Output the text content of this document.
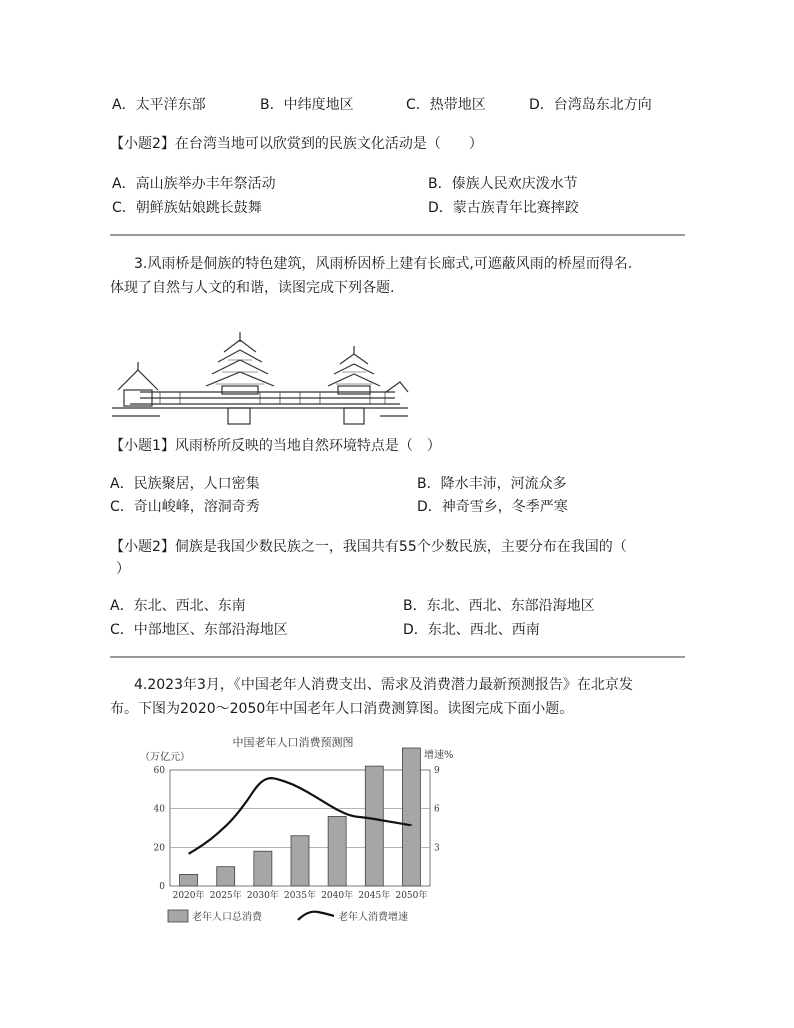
A．太平洋东部	B．中纬度地区	C．热带地区	D．台湾岛东北方向
【小题2】在台湾当地可以欣赏到的民族文化活动是（　　）
A．高山族举办丰年祭活动	B．傣族人民欢庆泼水节
C．朝鲜族姑娘跳长鼓舞	D．蒙古族青年比赛摔跤
3.风雨桥是侗族的特色建筑，风雨桥因桥上建有长廊式,可遮蔽风雨的桥屋而得名.
体现了自然与人文的和谐，读图完成下列各题.
【小题1】风雨桥所反映的当地自然环境特点是（　）
A．民族聚居，人口密集	B．降水丰沛，河流众多
C．奇山峻峰，溶洞奇秀	D．神奇雪乡，冬季严寒
【小题2】侗族是我国少数民族之一，我国共有55个少数民族，主要分布在我国的（
）
A．东北、西北、东南	B．东北、西北、东部沿海地区
C．中部地区、东部沿海地区	D．东北、西北、西南
4.2023年3月，《中国老年人消费支出、需求及消费潜力最新预测报告》在北京发
布。下图为2020～2050年中国老年人口消费测算图。读图完成下面小题。
中国老年人口消费预测图
（万亿元）	增速%
0
20
40
60
3
6
9
2020年 2025年 2030年 2035年 2040年 2045年 2050年
老年人口总消费	老年人消费增速
